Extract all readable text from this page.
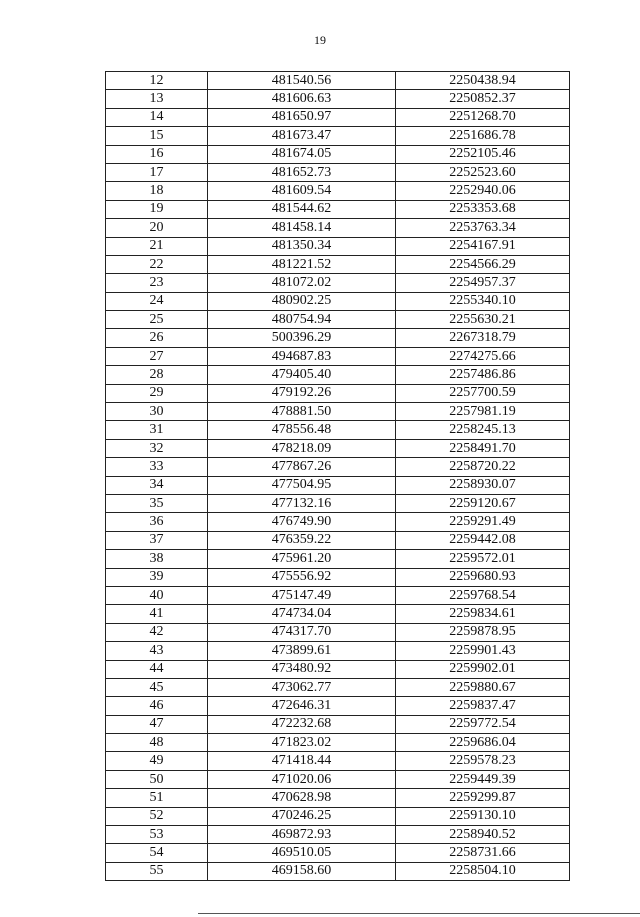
19
12	481540.56	2250438.94
13	481606.63	2250852.37
14	481650.97	2251268.70
15	481673.47	2251686.78
16	481674.05	2252105.46
17	481652.73	2252523.60
18	481609.54	2252940.06
19	481544.62	2253353.68
20	481458.14	2253763.34
21	481350.34	2254167.91
22	481221.52	2254566.29
23	481072.02	2254957.37
24	480902.25	2255340.10
25	480754.94	2255630.21
26	500396.29	2267318.79
27	494687.83	2274275.66
28	479405.40	2257486.86
29	479192.26	2257700.59
30	478881.50	2257981.19
31	478556.48	2258245.13
32	478218.09	2258491.70
33	477867.26	2258720.22
34	477504.95	2258930.07
35	477132.16	2259120.67
36	476749.90	2259291.49
37	476359.22	2259442.08
38	475961.20	2259572.01
39	475556.92	2259680.93
40	475147.49	2259768.54
41	474734.04	2259834.61
42	474317.70	2259878.95
43	473899.61	2259901.43
44	473480.92	2259902.01
45	473062.77	2259880.67
46	472646.31	2259837.47
47	472232.68	2259772.54
48	471823.02	2259686.04
49	471418.44	2259578.23
50	471020.06	2259449.39
51	470628.98	2259299.87
52	470246.25	2259130.10
53	469872.93	2258940.52
54	469510.05	2258731.66
55	469158.60	2258504.10
